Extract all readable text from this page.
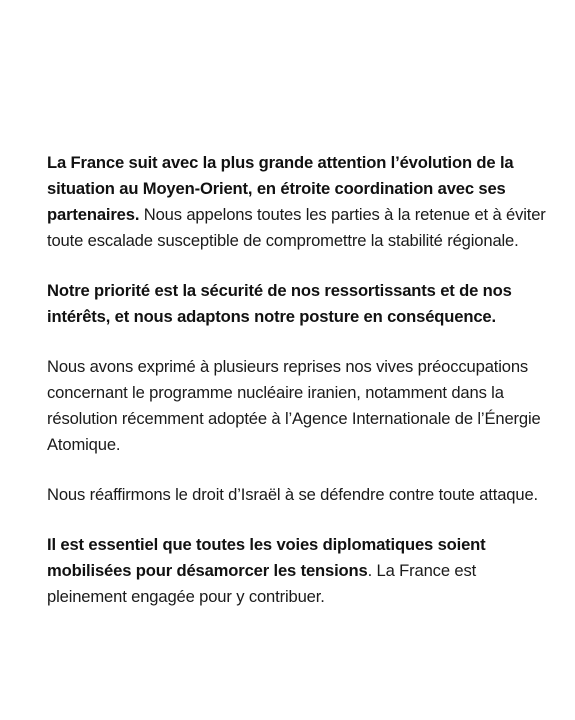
La France suit avec la plus grande attention l’évolution de la situation au Moyen-Orient, en étroite coordination avec ses partenaires. Nous appelons toutes les parties à la retenue et à éviter toute escalade susceptible de compromettre la stabilité régionale.

Notre priorité est la sécurité de nos ressortissants et de nos intérêts, et nous adaptons notre posture en conséquence.

Nous avons exprimé à plusieurs reprises nos vives préoccupations concernant le programme nucléaire iranien, notamment dans la résolution récemment adoptée à l’Agence Internationale de l’Énergie Atomique.

Nous réaffirmons le droit d’Israël à se défendre contre toute attaque.

Il est essentiel que toutes les voies diplomatiques soient mobilisées pour désamorcer les tensions. La France est pleinement engagée pour y contribuer.
